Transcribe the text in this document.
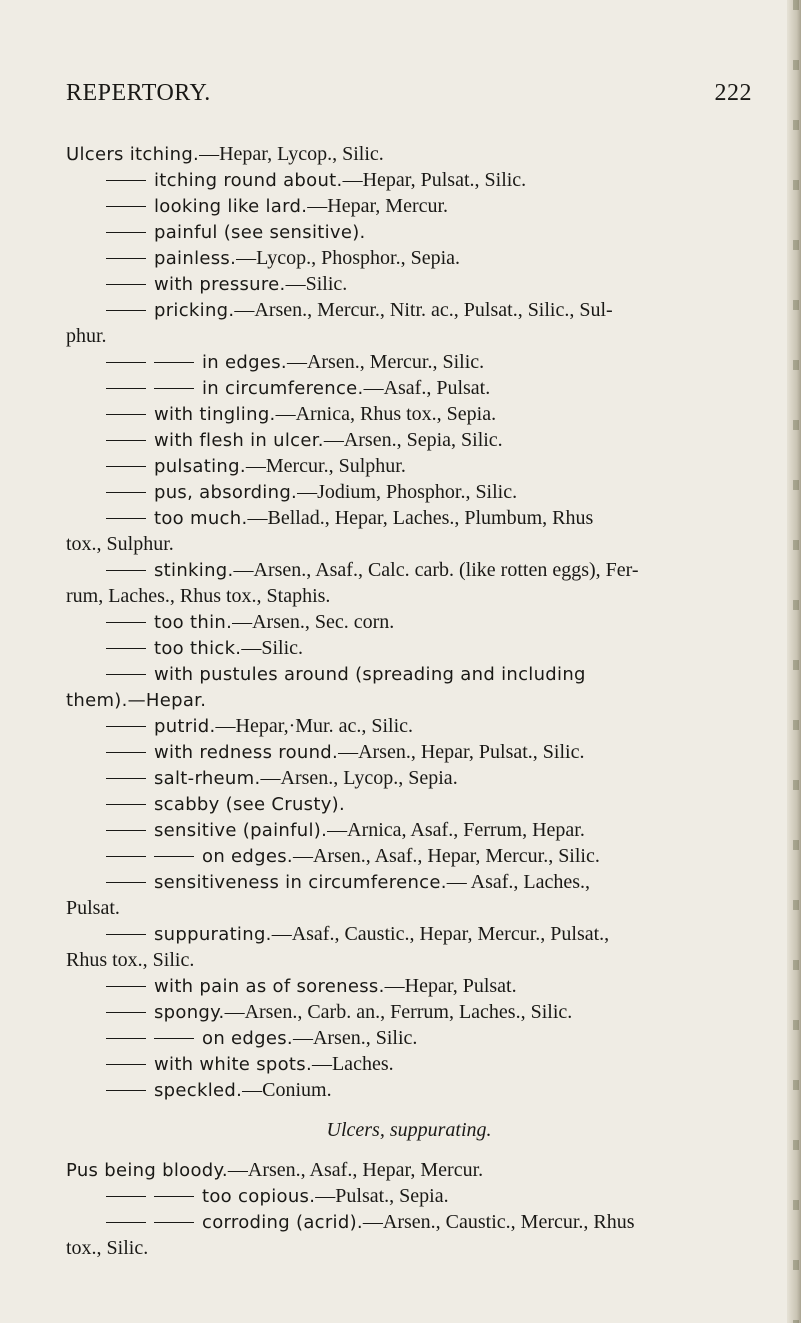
REPERTORY.	222
Ulcers itching.—Hepar, Lycop., Silic.
itching round about.—Hepar, Pulsat., Silic.
looking like lard.—Hepar, Mercur.
painful (see sensitive).
painless.—Lycop., Phosphor., Sepia.
with pressure.—Silic.
pricking.—Arsen., Mercur., Nitr. ac., Pulsat., Silic., Sul-
phur.
in edges.—Arsen., Mercur., Silic.
in circumference.—Asaf., Pulsat.
with tingling.—Arnica, Rhus tox., Sepia.
with flesh in ulcer.—Arsen., Sepia, Silic.
pulsating.—Mercur., Sulphur.
pus, absording.—Jodium, Phosphor., Silic.
too much.—Bellad., Hepar, Laches., Plumbum, Rhus
tox., Sulphur.
stinking.—Arsen., Asaf., Calc. carb. (like rotten eggs), Fer-
rum, Laches., Rhus tox., Staphis.
too thin.—Arsen., Sec. corn.
too thick.—Silic.
with pustules around (spreading and including
them).—Hepar.
putrid.—Hepar,·Mur. ac., Silic.
with redness round.—Arsen., Hepar, Pulsat., Silic.
salt-rheum.—Arsen., Lycop., Sepia.
scabby (see Crusty).
sensitive (painful).—Arnica, Asaf., Ferrum, Hepar.
on edges.—Arsen., Asaf., Hepar, Mercur., Silic.
sensitiveness in circumference.— Asaf., Laches.,
Pulsat.
suppurating.—Asaf., Caustic., Hepar, Mercur., Pulsat.,
Rhus tox., Silic.
with pain as of soreness.—Hepar, Pulsat.
spongy.—Arsen., Carb. an., Ferrum, Laches., Silic.
on edges.—Arsen., Silic.
with white spots.—Laches.
speckled.—Conium.
Ulcers, suppurating.
Pus being bloody.—Arsen., Asaf., Hepar, Mercur.
too copious.—Pulsat., Sepia.
corroding (acrid).—Arsen., Caustic., Mercur., Rhus
tox., Silic.
